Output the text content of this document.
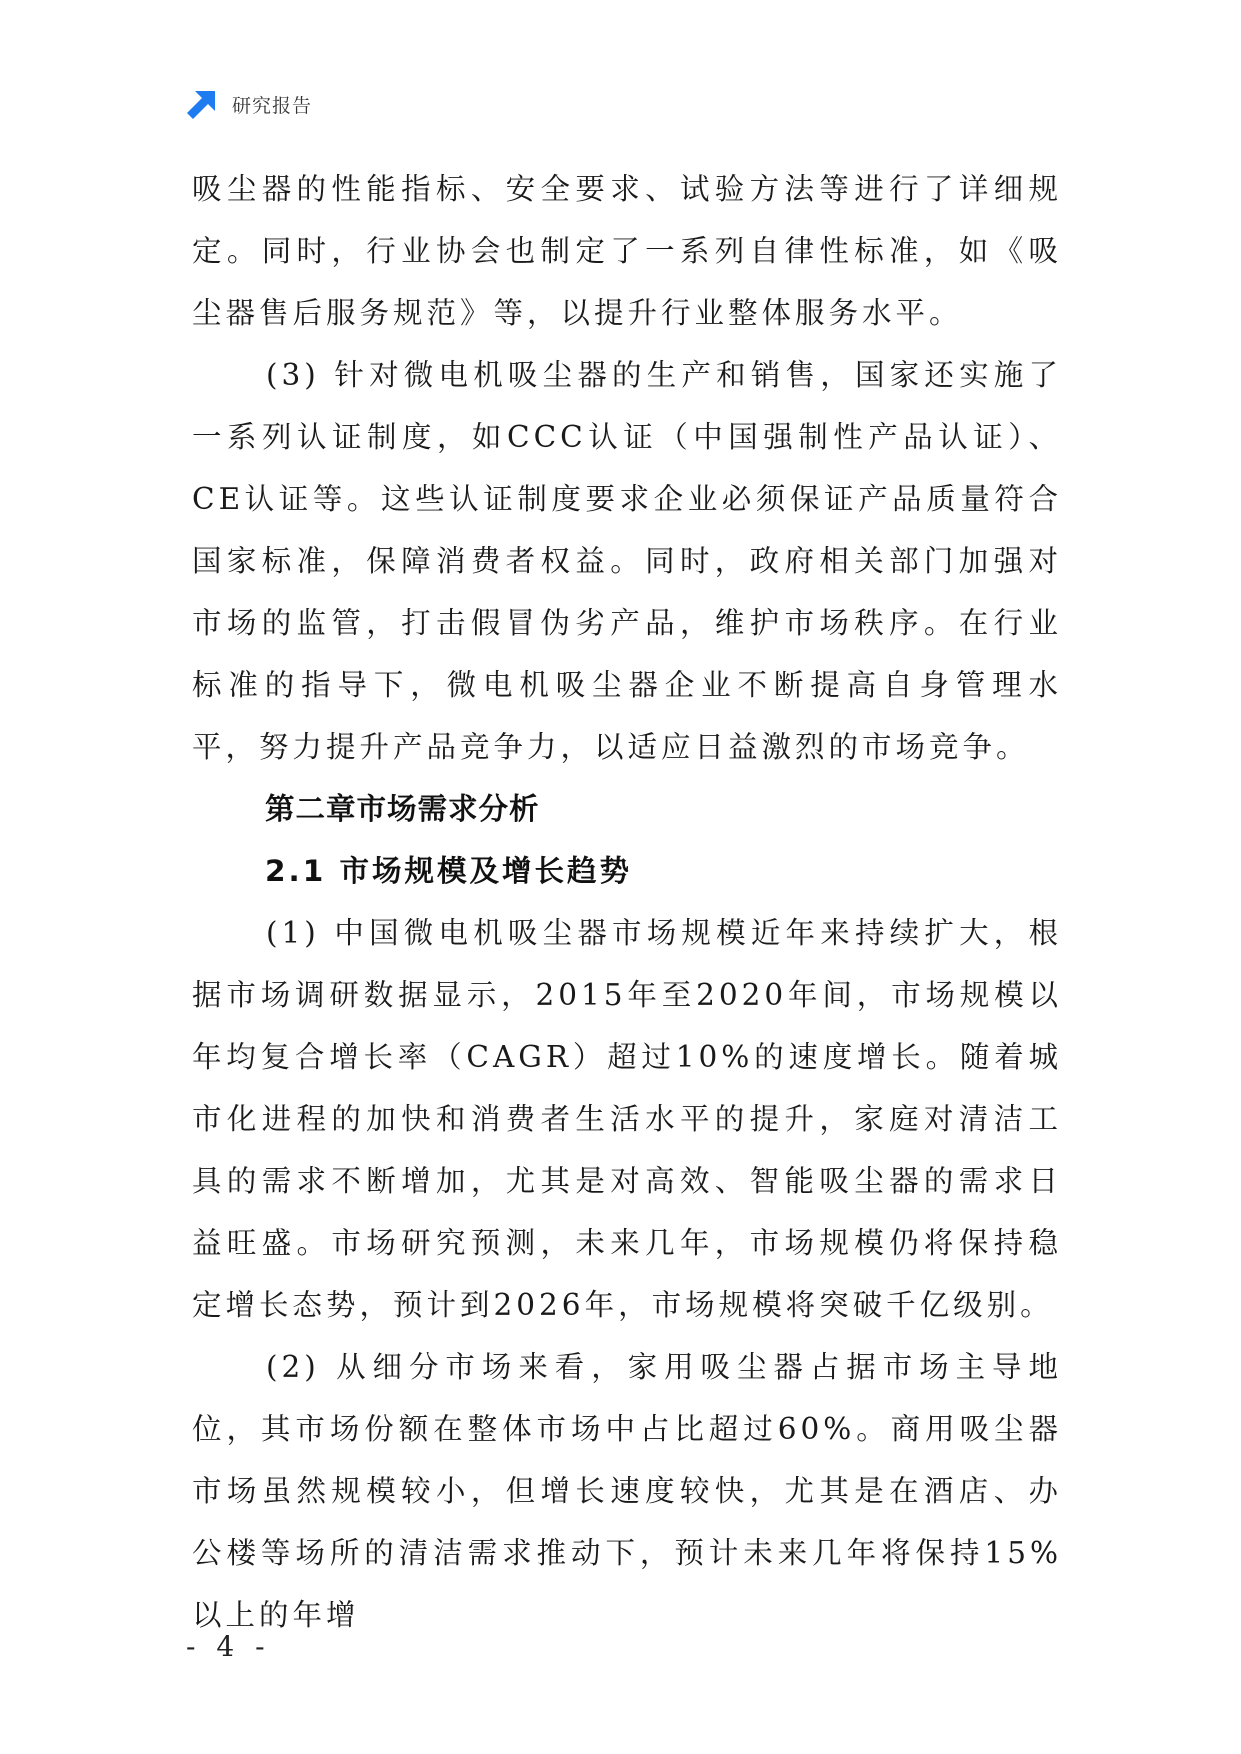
研究报告

吸尘器的性能指标、安全要求、试验方法等进行了详细规定。同时，行业协会也制定了一系列自律性标准，如《吸尘器售后服务规范》等，以提升行业整体服务水平。

(3) 针对微电机吸尘器的生产和销售，国家还实施了一系列认证制度，如CCC认证（中国强制性产品认证）、CE认证等。这些认证制度要求企业必须保证产品质量符合国家标准，保障消费者权益。同时，政府相关部门加强对市场的监管，打击假冒伪劣产品，维护市场秩序。在行业标准的指导下，微电机吸尘器企业不断提高自身管理水平，努力提升产品竞争力，以适应日益激烈的市场竞争。

第二章市场需求分析
2.1 市场规模及增长趋势

(1) 中国微电机吸尘器市场规模近年来持续扩大，根据市场调研数据显示，2015年至2020年间，市场规模以年均复合增长率（CAGR）超过10%的速度增长。随着城市化进程的加快和消费者生活水平的提升，家庭对清洁工具的需求不断增加，尤其是对高效、智能吸尘器的需求日益旺盛。市场研究预测，未来几年，市场规模仍将保持稳定增长态势，预计到2026年，市场规模将突破千亿级别。

(2) 从细分市场来看，家用吸尘器占据市场主导地位，其市场份额在整体市场中占比超过60%。商用吸尘器市场虽然规模较小，但增长速度较快，尤其是在酒店、办公楼等场所的清洁需求推动下，预计未来几年将保持15%以上的年增

- 4 -
